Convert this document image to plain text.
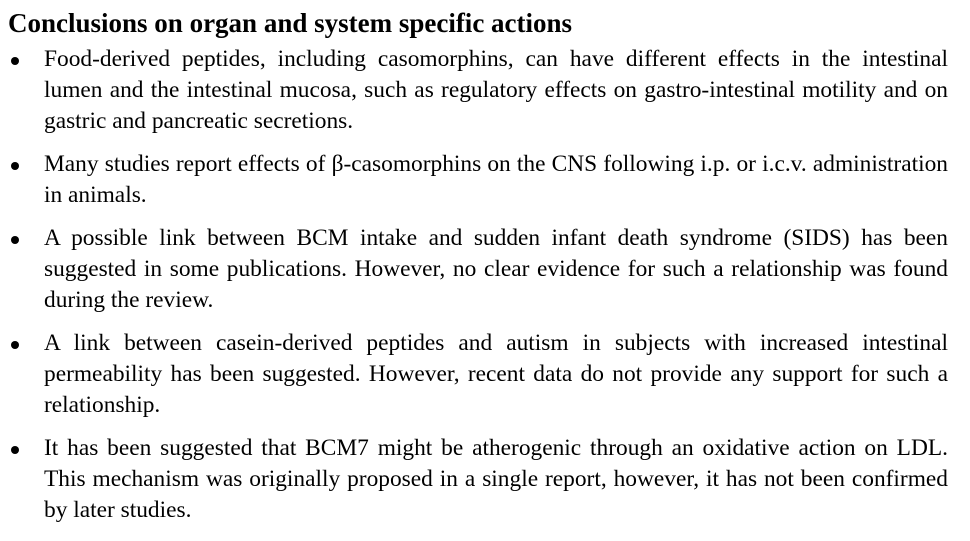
Conclusions on organ and system specific actions
Food-derived peptides, including casomorphins, can have different effects in the intestinal lumen and the intestinal mucosa, such as regulatory effects on gastro-intestinal motility and on gastric and pancreatic secretions.
Many studies report effects of β-casomorphins on the CNS following i.p. or i.c.v. administration in animals.
A possible link between BCM intake and sudden infant death syndrome (SIDS) has been suggested in some publications. However, no clear evidence for such a relationship was found during the review.
A link between casein-derived peptides and autism in subjects with increased intestinal permeability has been suggested. However, recent data do not provide any support for such a relationship.
It has been suggested that BCM7 might be atherogenic through an oxidative action on LDL. This mechanism was originally proposed in a single report, however, it has not been confirmed by later studies.
